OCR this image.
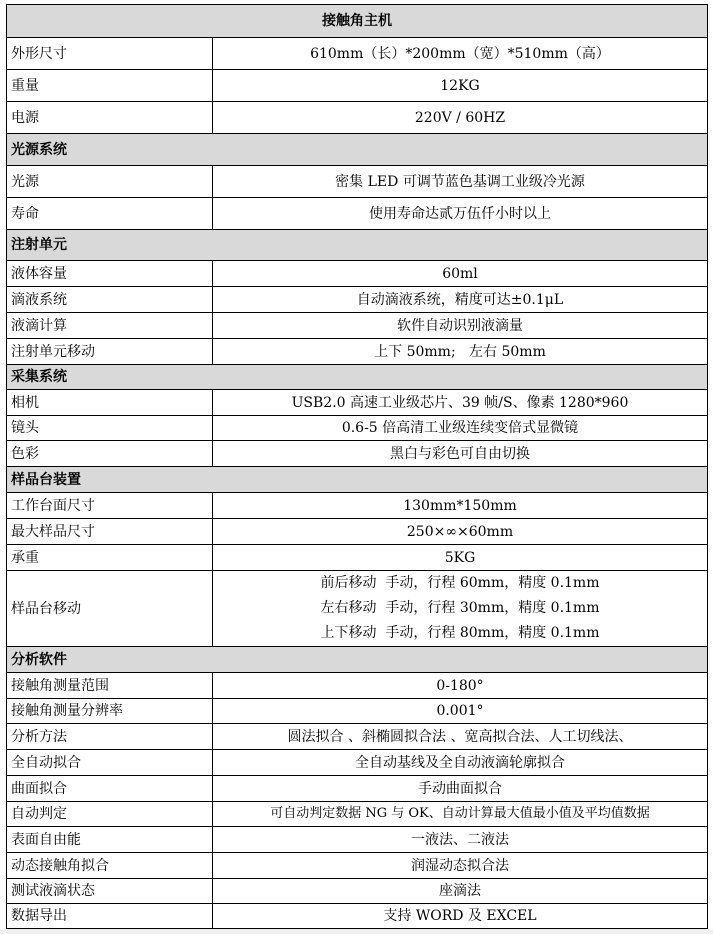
接触角主机	
外形尺寸	610mm（长）*200mm（宽）*510mm（高）
重量	12KG
电源	220V / 60HZ
光源系统	
光源	密集 LED 可调节蓝色基调工业级冷光源
寿命	使用寿命达贰万伍仟小时以上
注射单元	
液体容量	60ml
滴液系统	自动滴液系统，精度可达±0.1μL
液滴计算	软件自动识别液滴量
注射单元移动	上下 50mm;   左右 50mm
采集系统	
相机	USB2.0 高速工业级芯片、39 帧/S、像素 1280*960
镜头	0.6-5 倍高清工业级连续变倍式显微镜
色彩	黑白与彩色可自由切换
样品台装置	
工作台面尺寸	130mm*150mm
最大样品尺寸	250×∞×60mm
承重	5KG
样品台移动	前后移动  手动，行程 60mm，精度 0.1mm
左右移动  手动，行程 30mm，精度 0.1mm
上下移动  手动，行程 80mm，精度 0.1mm

分析软件	
接触角测量范围	0-180°
接触角测量分辨率	0.001°
分析方法	圆法拟合 、斜椭圆拟合法 、宽高拟合法、人工切线法、
全自动拟合	全自动基线及全自动液滴轮廓拟合
曲面拟合	手动曲面拟合
自动判定	可自动判定数据 NG 与 OK、自动计算最大值最小值及平均值数据
表面自由能	一液法、二液法
动态接触角拟合	润湿动态拟合法
测试液滴状态	座滴法
数据导出	支持 WORD 及 EXCEL
